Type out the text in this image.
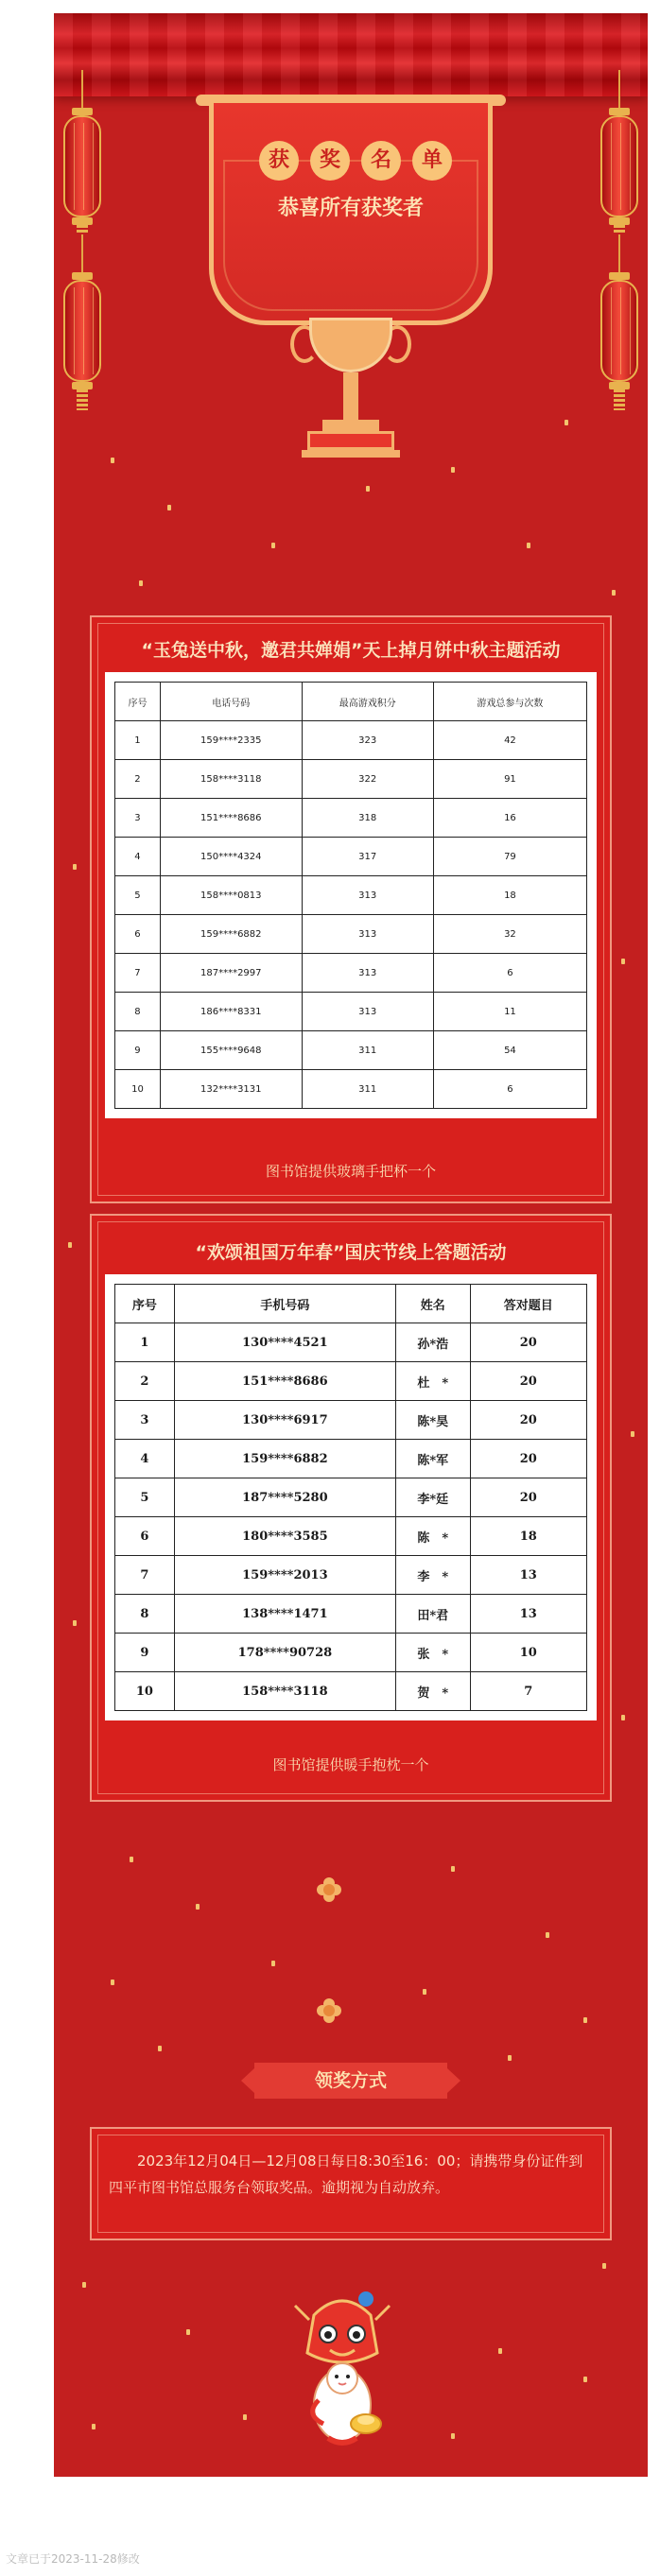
获 奖 名 单
恭喜所有获奖者
“玉兔送中秋，邀君共婵娟”天上掉月饼中秋主题活动
序号	电话号码	最高游戏积分	游戏总参与次数
1	159****2335	323	42
2	158****3118	322	91
3	151****8686	318	16
4	150****4324	317	79
5	158****0813	313	18
6	159****6882	313	32
7	187****2997	313	6
8	186****8331	313	11
9	155****9648	311	54
10	132****3131	311	6
图书馆提供玻璃手把杯一个
“欢颂祖国万年春”国庆节线上答题活动
序号	手机号码	姓名	答对题目
1	130****4521	孙*浩	20
2	151****8686	杜　*	20
3	130****6917	陈*昊	20
4	159****6882	陈*军	20
5	187****5280	李*廷	20
6	180****3585	陈　*	18
7	159****2013	李　*	13
8	138****1471	田*君	13
9	178****90728	张　*	10
10	158****3118	贺　*	7
图书馆提供暖手抱枕一个
领奖方式
2023年12月04日—12月08日每日8:30至16：00；请携带身份证件到四平市图书馆总服务台领取奖品。逾期视为自动放弃。
文章已于2023-11-28修改
